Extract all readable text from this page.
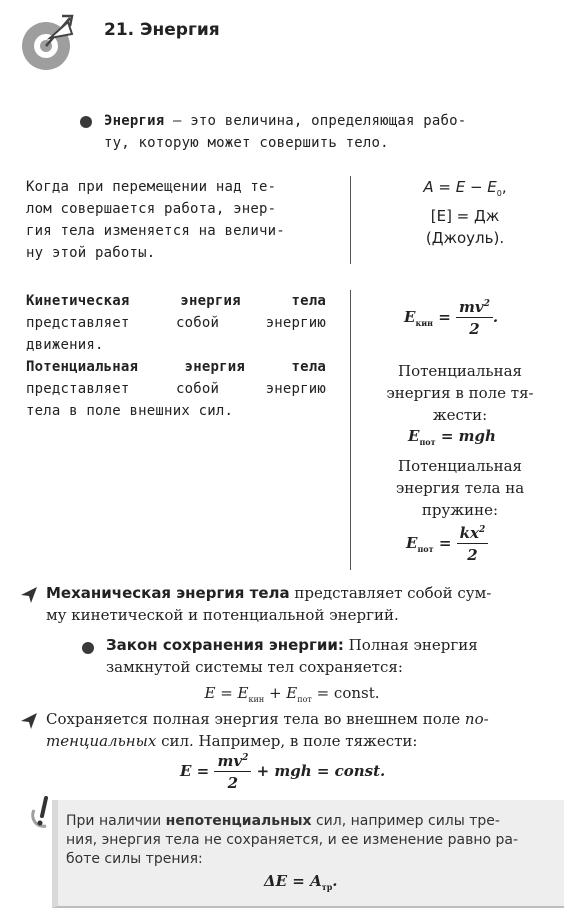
21. Энергия
Энергия — это величина, определяющая рабо-
ту, которую может совершить тело.
Когда при перемещении над те-
лом совершается работа, энер-
гия тела изменяется на величи-
ну этой работы.
$A = E - E_0$,
[E] = Дж
(Джоуль).
Кинетическая энергия тела
представляет собой энергию
движения.
Потенциальная энергия тела
представляет собой энергию
тела в поле внешних сил.
$E_{кин} = \frac{mv^2}{2}$ .
Потенциальная
энергия в поле тя-
жести:
$E_{пот}$ = mgh
Потенциальная
энергия тела на
пружине:
$E_{пот} = \frac{kx^2}{2}$
Механическая энергия тела представляет собой сум-
му кинетической и потенциальной энергий.
Закон сохранения энергии: Полная энергия
замкнутой системы тел сохраняется:
$E = E_{кин} + E_{пот}$ = const.
Сохраняется полная энергия тела во внешнем поле по-
тенциальных сил. Например, в поле тяжести:
$E = \frac{mv^2}{2}$ + mgh = const.
При наличии непотенциальных сил, например силы тре-
ния, энергия тела не сохраняется, и ее изменение равно ра-
боте силы трения:
$\Delta E = A_{тр}$.
